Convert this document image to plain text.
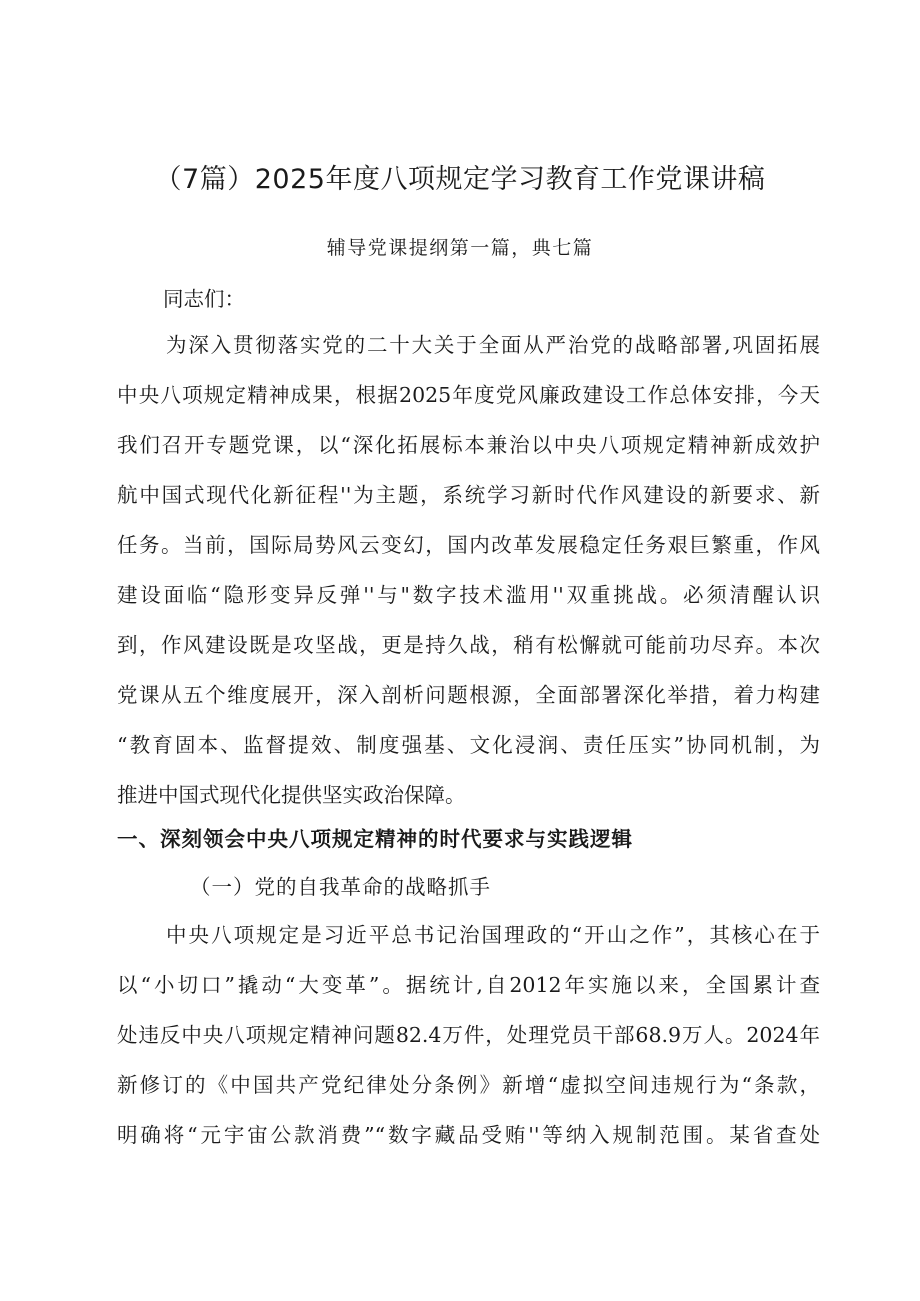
（7篇）2025年度八项规定学习教育工作党课讲稿
辅导党课提纲第一篇，典七篇
同志们：
为深入贯彻落实党的二十大关于全面从严治党的战略部署,巩固拓展
中央八项规定精神成果，根据2025年度党风廉政建设工作总体安排，今天
我们召开专题党课，以“深化拓展标本兼治以中央八项规定精神新成效护
航中国式现代化新征程''为主题，系统学习新时代作风建设的新要求、新
任务。当前，国际局势风云变幻，国内改革发展稳定任务艰巨繁重，作风
建设面临“隐形变异反弹''与"数字技术滥用''双重挑战。必须清醒认识
到，作风建设既是攻坚战，更是持久战，稍有松懈就可能前功尽弃。本次
党课从五个维度展开，深入剖析问题根源，全面部署深化举措，着力构建
“教育固本、监督提效、制度强基、文化浸润、责任压实”协同机制，为
推进中国式现代化提供坚实政治保障。
一、深刻领会中央八项规定精神的时代要求与实践逻辑
（一）党的自我革命的战略抓手
中央八项规定是习近平总书记治国理政的“开山之作”，其核心在于
以“小切口”撬动“大变革”。据统计,自2012年实施以来，全国累计查
处违反中央八项规定精神问题82.4万件，处理党员干部68.9万人。2024年
新修订的《中国共产党纪律处分条例》新增“虚拟空间违规行为“条款，
明确将“元宇宙公款消费”“数字藏品受贿''等纳入规制范围。某省查处
